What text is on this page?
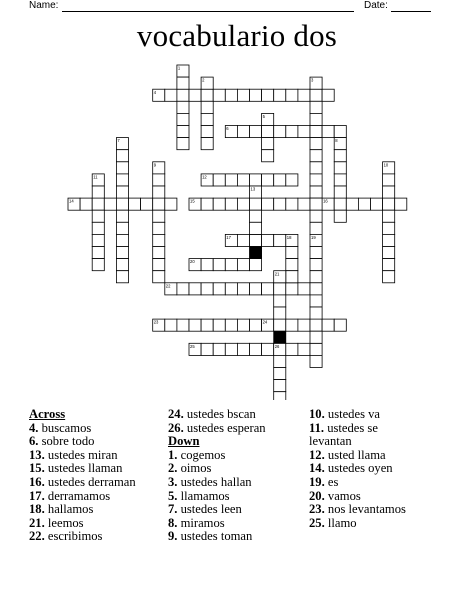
Name:	Date:
vocabulario dos
1
2	3
4
5
6
7	8
9	10
11	12
13
14	15	16
17	18	19
20
21
22
23	24
25	26
Across
4. buscamos
6. sobre todo
13. ustedes miran
15. ustedes llaman
16. ustedes derraman
17. derramamos
18. hallamos
21. leemos
22. escribimos
24. ustedes bscan
26. ustedes esperan
Down
1. cogemos
2. oimos
3. ustedes hallan
5. llamamos
7. ustedes leen
8. miramos
9. ustedes toman
10. ustedes va
11. ustedes se levantan
12. usted llama
14. ustedes oyen
19. es
20. vamos
23. nos levantamos
25. llamo
